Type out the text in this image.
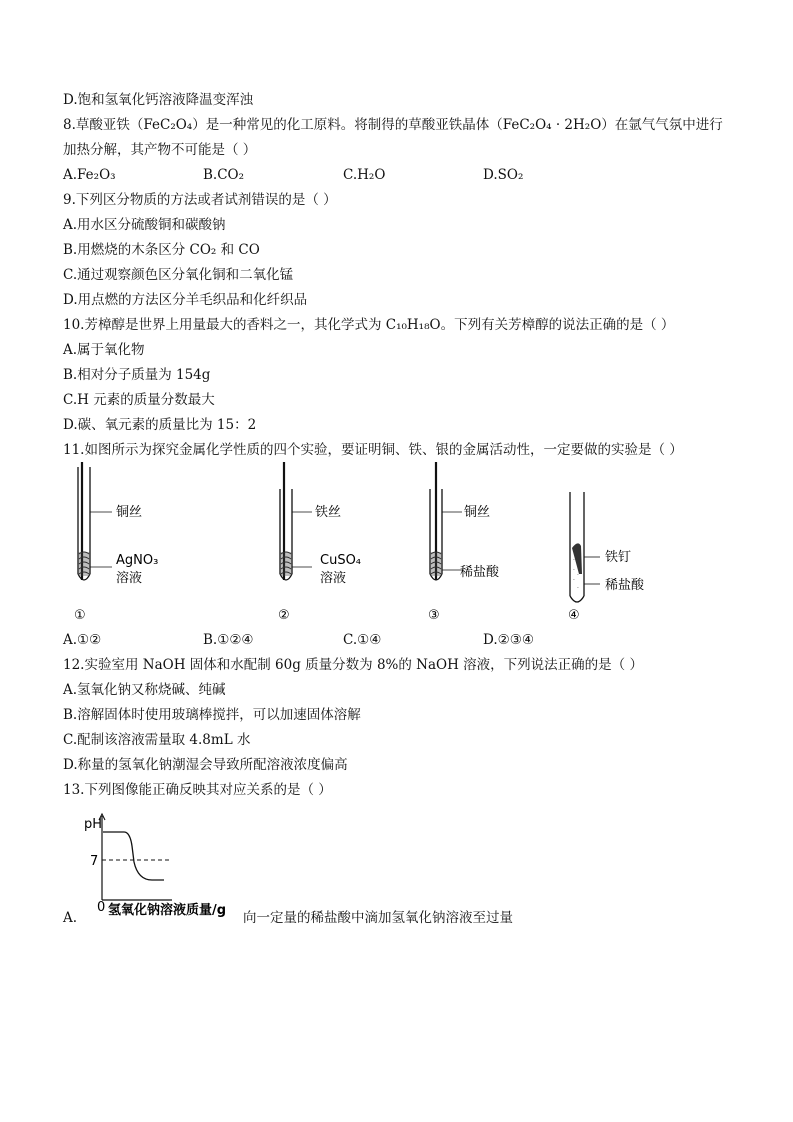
D.饱和氢氧化钙溶液降温变浑浊
8.草酸亚铁（FeC₂O₄）是一种常见的化工原料。将制得的草酸亚铁晶体（FeC₂O₄ · 2H₂O）在氩气气氛中进行
加热分解，其产物不可能是（ ）
A.Fe₂O₃	B.CO₂	C.H₂O	D.SO₂
9.下列区分物质的方法或者试剂错误的是（ ）
A.用水区分硫酸铜和碳酸钠
B.用燃烧的木条区分 CO₂ 和 CO
C.通过观察颜色区分氧化铜和二氧化锰
D.用点燃的方法区分羊毛织品和化纤织品
10.芳樟醇是世界上用量最大的香料之一，其化学式为 C₁₀H₁₈O。下列有关芳樟醇的说法正确的是（ ）
A.属于氧化物
B.相对分子质量为 154g
C.H 元素的质量分数最大
D.碳、氧元素的质量比为 15：2
11.如图所示为探究金属化学性质的四个实验，要证明铜、铁、银的金属活动性，一定要做的实验是（ ）
铜丝
AgNO₃
溶液
①
铁丝
CuSO₄
溶液
②
铜丝
稀盐酸
③
·
·
·
·
·
铁钉
稀盐酸
④
A.①②	B.①②④	C.①④	D.②③④
12.实验室用 NaOH 固体和水配制 60g 质量分数为 8%的 NaOH 溶液，下列说法正确的是（ ）
A.氢氧化钠又称烧碱、纯碱
B.溶解固体时使用玻璃棒搅拌，可以加速固体溶解
C.配制该溶液需量取 4.8mL 水
D.称量的氢氧化钠潮湿会导致所配溶液浓度偏高
13.下列图像能正确反映其对应关系的是（ ）
pH
7
0 氢氧化钠溶液质量/g
A.	向一定量的稀盐酸中滴加氢氧化钠溶液至过量
